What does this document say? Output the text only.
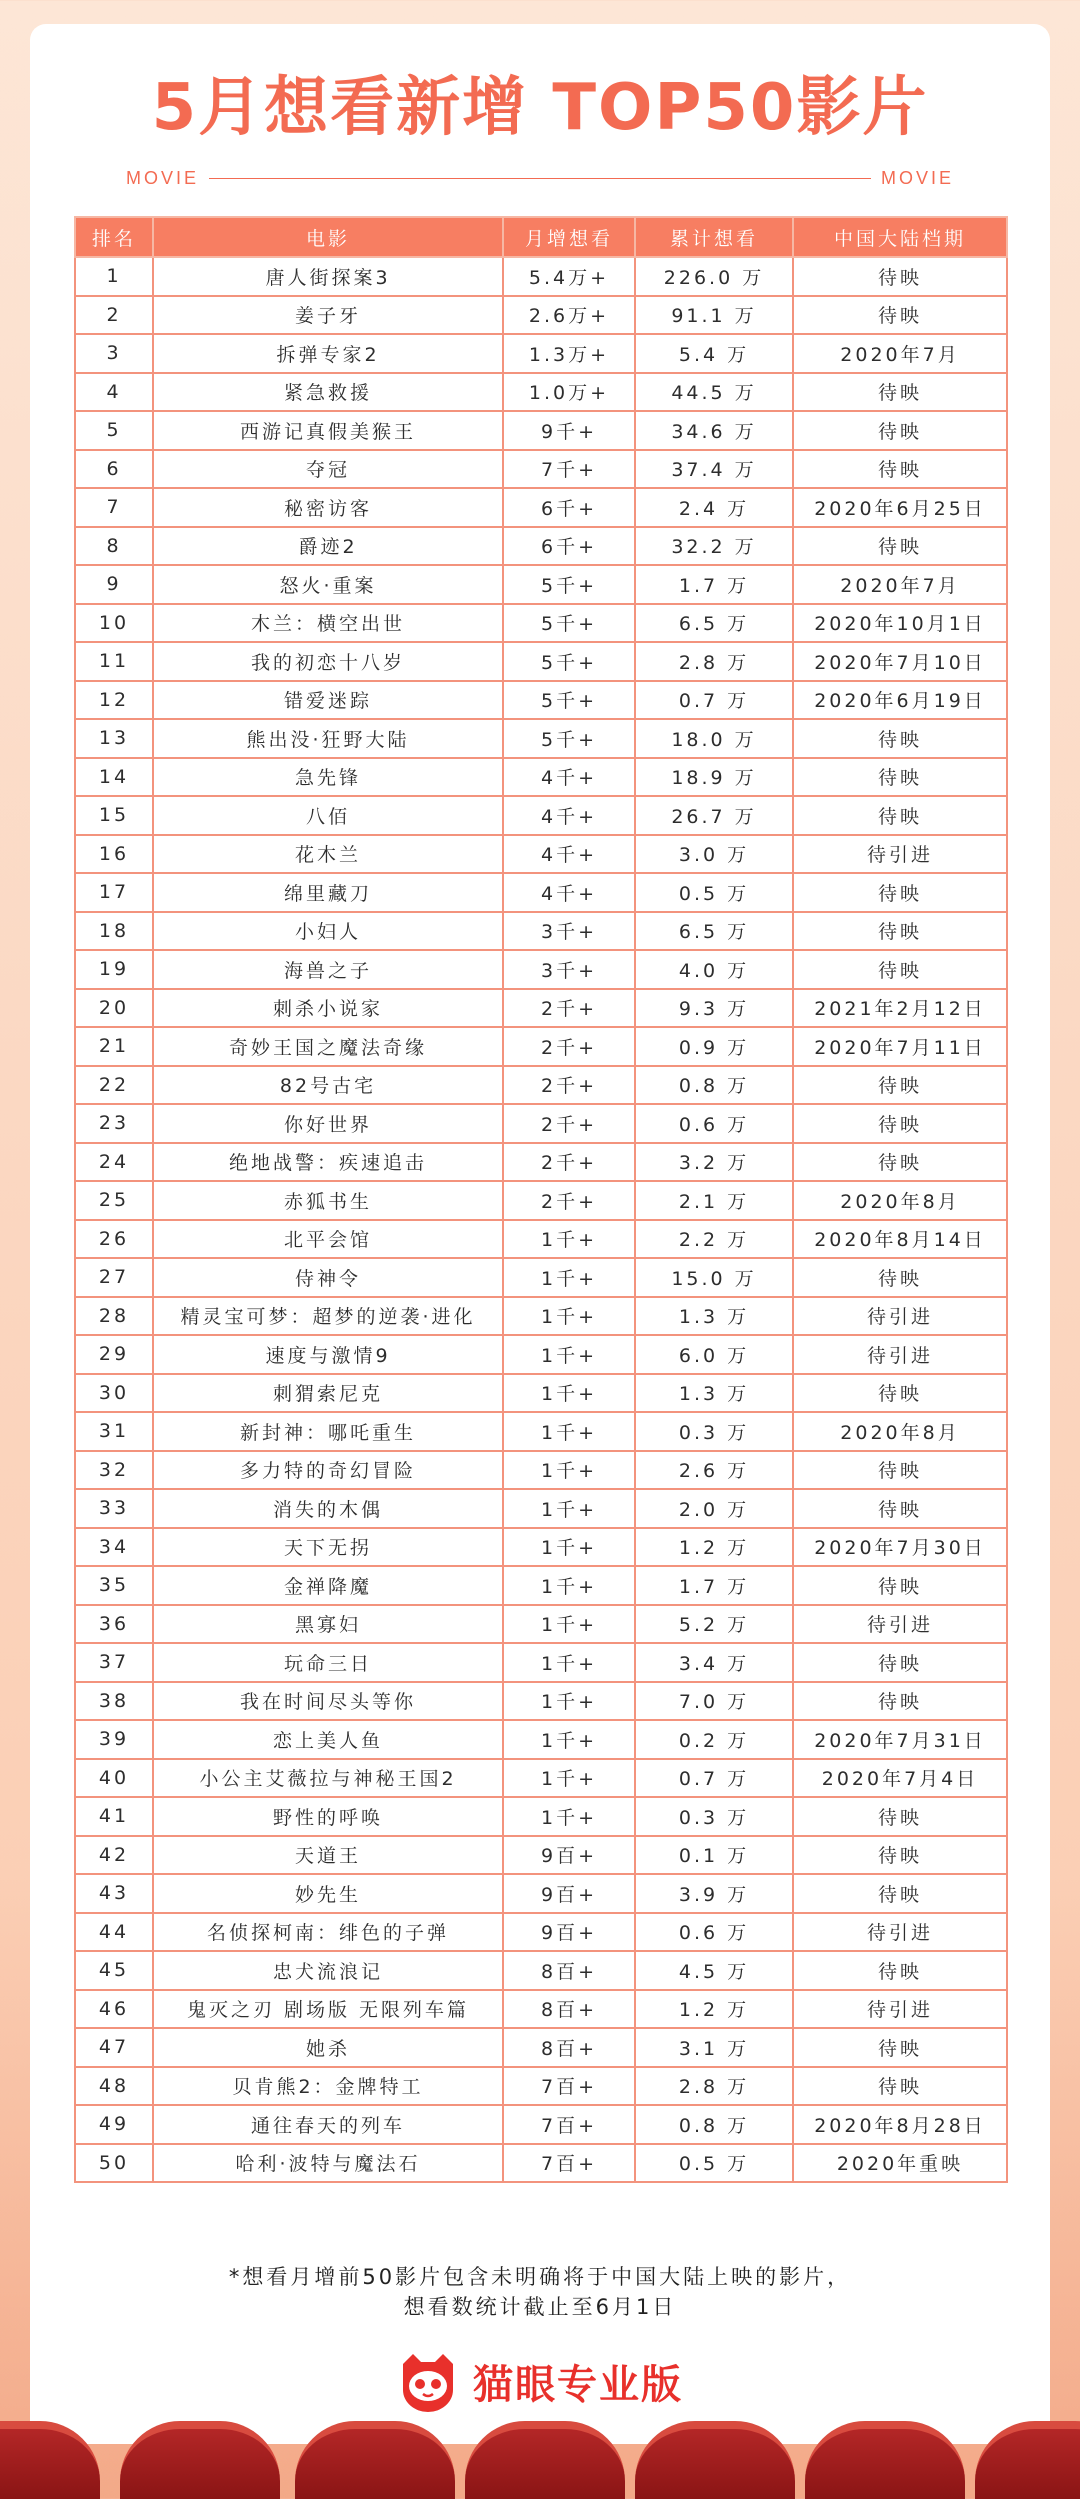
5月想看新增 TOP50影片
MOVIE	MOVIE
排名	电影	月增想看	累计想看	中国大陆档期
1	唐人街探案3	5.4万+	226.0 万	待映
2	姜子牙	2.6万+	91.1 万	待映
3	拆弹专家2	1.3万+	5.4 万	2020年7月
4	紧急救援	1.0万+	44.5 万	待映
5	西游记真假美猴王	9千+	34.6 万	待映
6	夺冠	7千+	37.4 万	待映
7	秘密访客	6千+	2.4 万	2020年6月25日
8	爵迹2	6千+	32.2 万	待映
9	怒火·重案	5千+	1.7 万	2020年7月
10	木兰：横空出世	5千+	6.5 万	2020年10月1日
11	我的初恋十八岁	5千+	2.8 万	2020年7月10日
12	错爱迷踪	5千+	0.7 万	2020年6月19日
13	熊出没·狂野大陆	5千+	18.0 万	待映
14	急先锋	4千+	18.9 万	待映
15	八佰	4千+	26.7 万	待映
16	花木兰	4千+	3.0 万	待引进
17	绵里藏刀	4千+	0.5 万	待映
18	小妇人	3千+	6.5 万	待映
19	海兽之子	3千+	4.0 万	待映
20	刺杀小说家	2千+	9.3 万	2021年2月12日
21	奇妙王国之魔法奇缘	2千+	0.9 万	2020年7月11日
22	82号古宅	2千+	0.8 万	待映
23	你好世界	2千+	0.6 万	待映
24	绝地战警：疾速追击	2千+	3.2 万	待映
25	赤狐书生	2千+	2.1 万	2020年8月
26	北平会馆	1千+	2.2 万	2020年8月14日
27	侍神令	1千+	15.0 万	待映
28	精灵宝可梦：超梦的逆袭·进化	1千+	1.3 万	待引进
29	速度与激情9	1千+	6.0 万	待引进
30	刺猬索尼克	1千+	1.3 万	待映
31	新封神：哪吒重生	1千+	0.3 万	2020年8月
32	多力特的奇幻冒险	1千+	2.6 万	待映
33	消失的木偶	1千+	2.0 万	待映
34	天下无拐	1千+	1.2 万	2020年7月30日
35	金禅降魔	1千+	1.7 万	待映
36	黑寡妇	1千+	5.2 万	待引进
37	玩命三日	1千+	3.4 万	待映
38	我在时间尽头等你	1千+	7.0 万	待映
39	恋上美人鱼	1千+	0.2 万	2020年7月31日
40	小公主艾薇拉与神秘王国2	1千+	0.7 万	2020年7月4日
41	野性的呼唤	1千+	0.3 万	待映
42	天道王	9百+	0.1 万	待映
43	妙先生	9百+	3.9 万	待映
44	名侦探柯南：绯色的子弹	9百+	0.6 万	待引进
45	忠犬流浪记	8百+	4.5 万	待映
46	鬼灭之刃 剧场版 无限列车篇	8百+	1.2 万	待引进
47	她杀	8百+	3.1 万	待映
48	贝肯熊2：金牌特工	7百+	2.8 万	待映
49	通往春天的列车	7百+	0.8 万	2020年8月28日
50	哈利·波特与魔法石	7百+	0.5 万	2020年重映
*想看月增前50影片包含未明确将于中国大陆上映的影片，
想看数统计截止至6月1日
猫眼专业版
